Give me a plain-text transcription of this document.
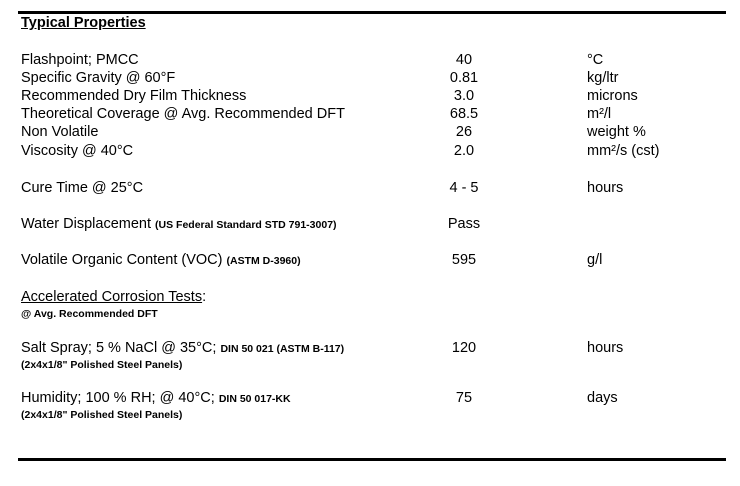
Typical Properties
Flashpoint; PMCC	40	°C
Specific Gravity @ 60°F	0.81	kg/ltr
Recommended Dry Film Thickness	3.0	microns
Theoretical Coverage @ Avg. Recommended DFT	68.5	m²/l
Non Volatile	26	weight %
Viscosity @ 40°C	2.0	mm²/s (cst)
Cure Time @ 25°C	4 - 5	hours
Water Displacement (US Federal Standard STD 791-3007)	Pass
Volatile Organic Content (VOC) (ASTM D-3960)	595	g/l
Accelerated Corrosion Tests:
@ Avg. Recommended DFT
Salt Spray; 5 % NaCl @ 35°C; DIN 50 021 (ASTM B-117)
(2x4x1/8" Polished Steel Panels)
120	hours
Humidity; 100 % RH; @ 40°C; DIN 50 017-KK
(2x4x1/8" Polished Steel Panels)
75	days
